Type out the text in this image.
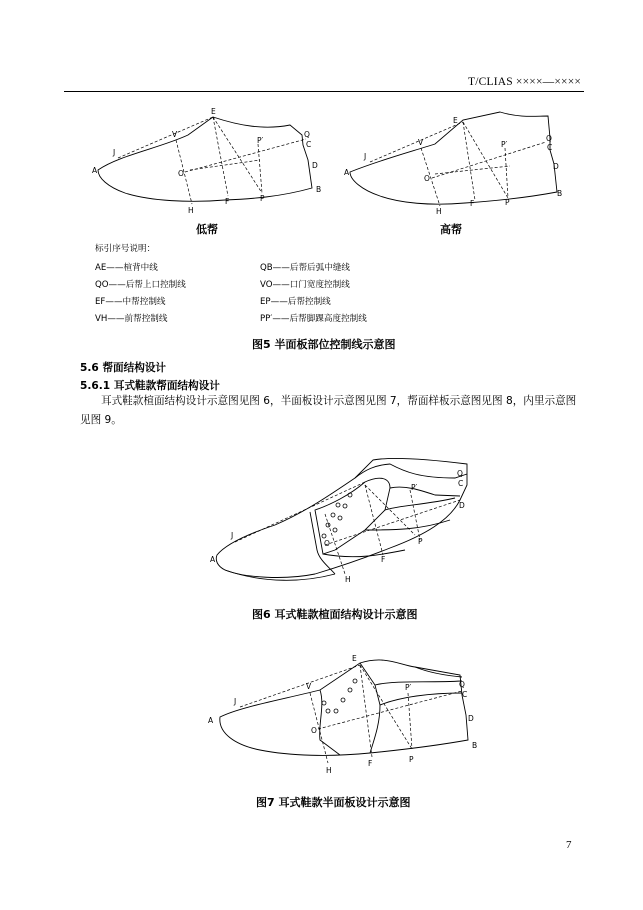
T/CLIAS ××××—××××
A
J
V
E
O
H
F	P
P′
Q
C
D
B
A
J
V
E
O
H
F	P
P′
Q
C
D
B
低帮	高帮
标引序号说明：
AE——楦背中线	QB——后帮后弧中缝线
QO——后帮上口控制线	VO——口门宽度控制线
EF——中帮控制线	EP——后帮控制线
VH——前帮控制线	PP′——后帮脚踝高度控制线
图5 半面板部位控制线示意图
5.6 帮面结构设计
5.6.1 耳式鞋款帮面结构设计
耳式鞋款楦面结构设计示意图见图 6，半面板设计示意图见图 7，帮面样板示意图见图 8，内里示意图见图 9。
A
J
H
F
P
P′
Q
C
D
O
图6 耳式鞋款楦面结构设计示意图
A
J
V
E
O
H
F	P
P′	Q
C
D
B
图7 耳式鞋款半面板设计示意图
7
